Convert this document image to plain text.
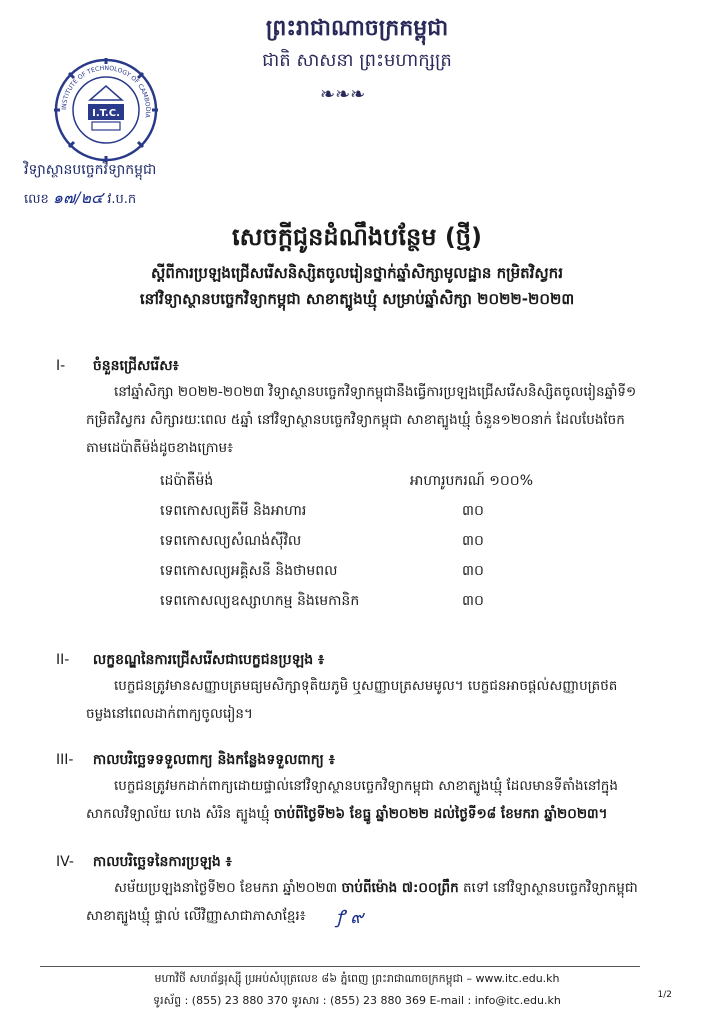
ព្រះរាជាណាចក្រកម្ពុជា
ជាតិ សាសនា ព្រះមហាក្សត្រ
❧❧❧
INSTITUTE OF TECHNOLOGY OF CAMBODIA
I.T.C.
វិទ្យាស្ថានបច្ចេកវិទ្យាកម្ពុជា
លេខ ๑๗/๒๔ វ.ប.ក
សេចក្តីជូនដំណឹងបន្ថែម (ថ្មី)
ស្តីពីការប្រឡងជ្រើសរើសនិស្សិតចូលរៀនថ្នាក់ឆ្នាំសិក្សាមូលដ្ឋាន កម្រិតវិស្វករ
នៅវិទ្យាស្ថានបច្ចេកវិទ្យាកម្ពុជា សាខាត្បូងឃ្មុំ សម្រាប់ឆ្នាំសិក្សា ២០២២-២០២៣
I- ចំនួនជ្រើសរើស៖
នៅឆ្នាំសិក្សា ២០២២-២០២៣ វិទ្យាស្ថានបច្ចេកវិទ្យាកម្ពុជានឹងធ្វើការប្រឡងជ្រើសរើសនិស្សិតចូលរៀនឆ្នាំទី១
កម្រិតវិស្វករ សិក្សារយៈពេល ៥ឆ្នាំ នៅវិទ្យាស្ថានបច្ចេកវិទ្យាកម្ពុជា សាខាត្បូងឃ្មុំ ចំនួន១២០នាក់ ដែលបែងចែក
តាមដេប៉ាតឺម៉ង់ដូចខាងក្រោម៖
ដេប៉ាតឺម៉ង់	អាហារូបករណ៍ ១០០%
ទេពកោសល្យគីមី និងអាហារ	៣០
ទេពកោសល្យសំណង់ស៊ីវិល	៣០
ទេពកោសល្យអគ្គិសនី និងថាមពល	៣០
ទេពកោសល្យឧស្សាហកម្ម និងមេកានិក	៣០
II- លក្ខខណ្ឌនៃការជ្រើសរើសជាបេក្ខជនប្រឡង ៖
បេក្ខជនត្រូវមានសញ្ញាបត្រមធ្យមសិក្សាទុតិយភូមិ ឬសញ្ញាបត្រសមមូល។ បេក្ខជនអាចផ្តល់សញ្ញាបត្រថត
ចម្លងនៅពេលដាក់ពាក្យចូលរៀន។
III- កាលបរិច្ឆេទទទួលពាក្យ និងកន្លែងទទួលពាក្យ ៖
បេក្ខជនត្រូវមកដាក់ពាក្យដោយផ្ទាល់នៅវិទ្យាស្ថានបច្ចេកវិទ្យាកម្ពុជា សាខាត្បូងឃ្មុំ ដែលមានទីតាំងនៅក្នុង
សាកលវិទ្យាល័យ ហេង សំរិន ត្បូងឃ្មុំ ចាប់ពីថ្ងៃទី២៦ ខែធ្នូ ឆ្នាំ២០២២ ដល់ថ្ងៃទី១៨ ខែមករា ឆ្នាំ២០២៣។
IV- កាលបរិច្ឆេទនៃការប្រឡង ៖
សម័យប្រឡងនាថ្ងៃទី២០ ខែមករា ឆ្នាំ២០២៣ ចាប់ពីម៉ោង ៧:០០ព្រឹក តទៅ នៅវិទ្យាស្ថានបច្ចេកវិទ្យាកម្ពុជា
សាខាត្បូងឃ្មុំ ផ្ទាល់ លើវិញ្ញាសាជាភាសាខ្មែរ៖	ꝭ ๙
មហាវិថី សហព័ន្ធរុស្ស៊ី ប្រអប់សំបុត្រលេខ ៨៦ ភ្នំពេញ ព្រះរាជាណាចក្រកម្ពុជា – www.itc.edu.kh
ទូរស័ព្ទ : (855) 23 880 370 ទូរសារ : (855) 23 880 369 E-mail : info@itc.edu.kh	1/2
